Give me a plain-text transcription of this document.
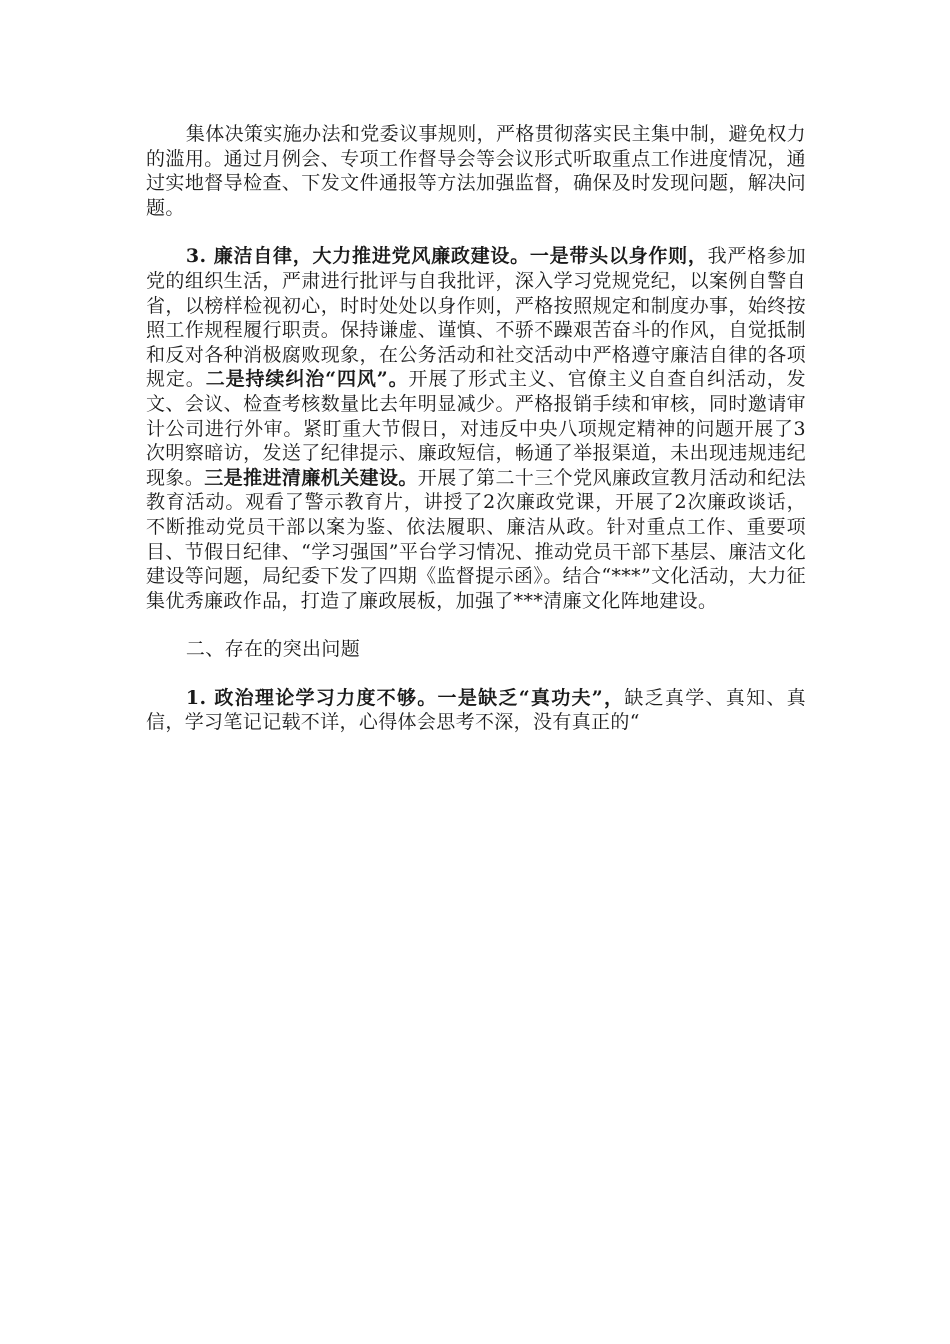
集体决策实施办法和党委议事规则，严格贯彻落实民主集中制，避免权力的滥用。通过月例会、专项工作督导会等会议形式听取重点工作进度情况，通过实地督导检查、下发文件通报等方法加强监督，确保及时发现问题，解决问题。

3. 廉洁自律，大力推进党风廉政建设。一是带头以身作则，我严格参加党的组织生活，严肃进行批评与自我批评，深入学习党规党纪，以案例自警自省，以榜样检视初心，时时处处以身作则，严格按照规定和制度办事，始终按照工作规程履行职责。保持谦虚、谨慎、不骄不躁艰苦奋斗的作风，自觉抵制和反对各种消极腐败现象，在公务活动和社交活动中严格遵守廉洁自律的各项规定。二是持续纠治“四风”。开展了形式主义、官僚主义自查自纠活动，发文、会议、检查考核数量比去年明显减少。严格报销手续和审核，同时邀请审计公司进行外审。紧盯重大节假日，对违反中央八项规定精神的问题开展了3次明察暗访，发送了纪律提示、廉政短信，畅通了举报渠道，未出现违规违纪现象。三是推进清廉机关建设。开展了第二十三个党风廉政宣教月活动和纪法教育活动。观看了警示教育片，讲授了2次廉政党课，开展了2次廉政谈话，不断推动党员干部以案为鉴、依法履职、廉洁从政。针对重点工作、重要项目、节假日纪律、“学习强国”平台学习情况、推动党员干部下基层、廉洁文化建设等问题，局纪委下发了四期《监督提示函》。结合“***”文化活动，大力征集优秀廉政作品，打造了廉政展板，加强了***清廉文化阵地建设。

二、存在的突出问题

1. 政治理论学习力度不够。一是缺乏“真功夫”，缺乏真学、真知、真信，学习笔记记载不详，心得体会思考不深，没有真正的“
